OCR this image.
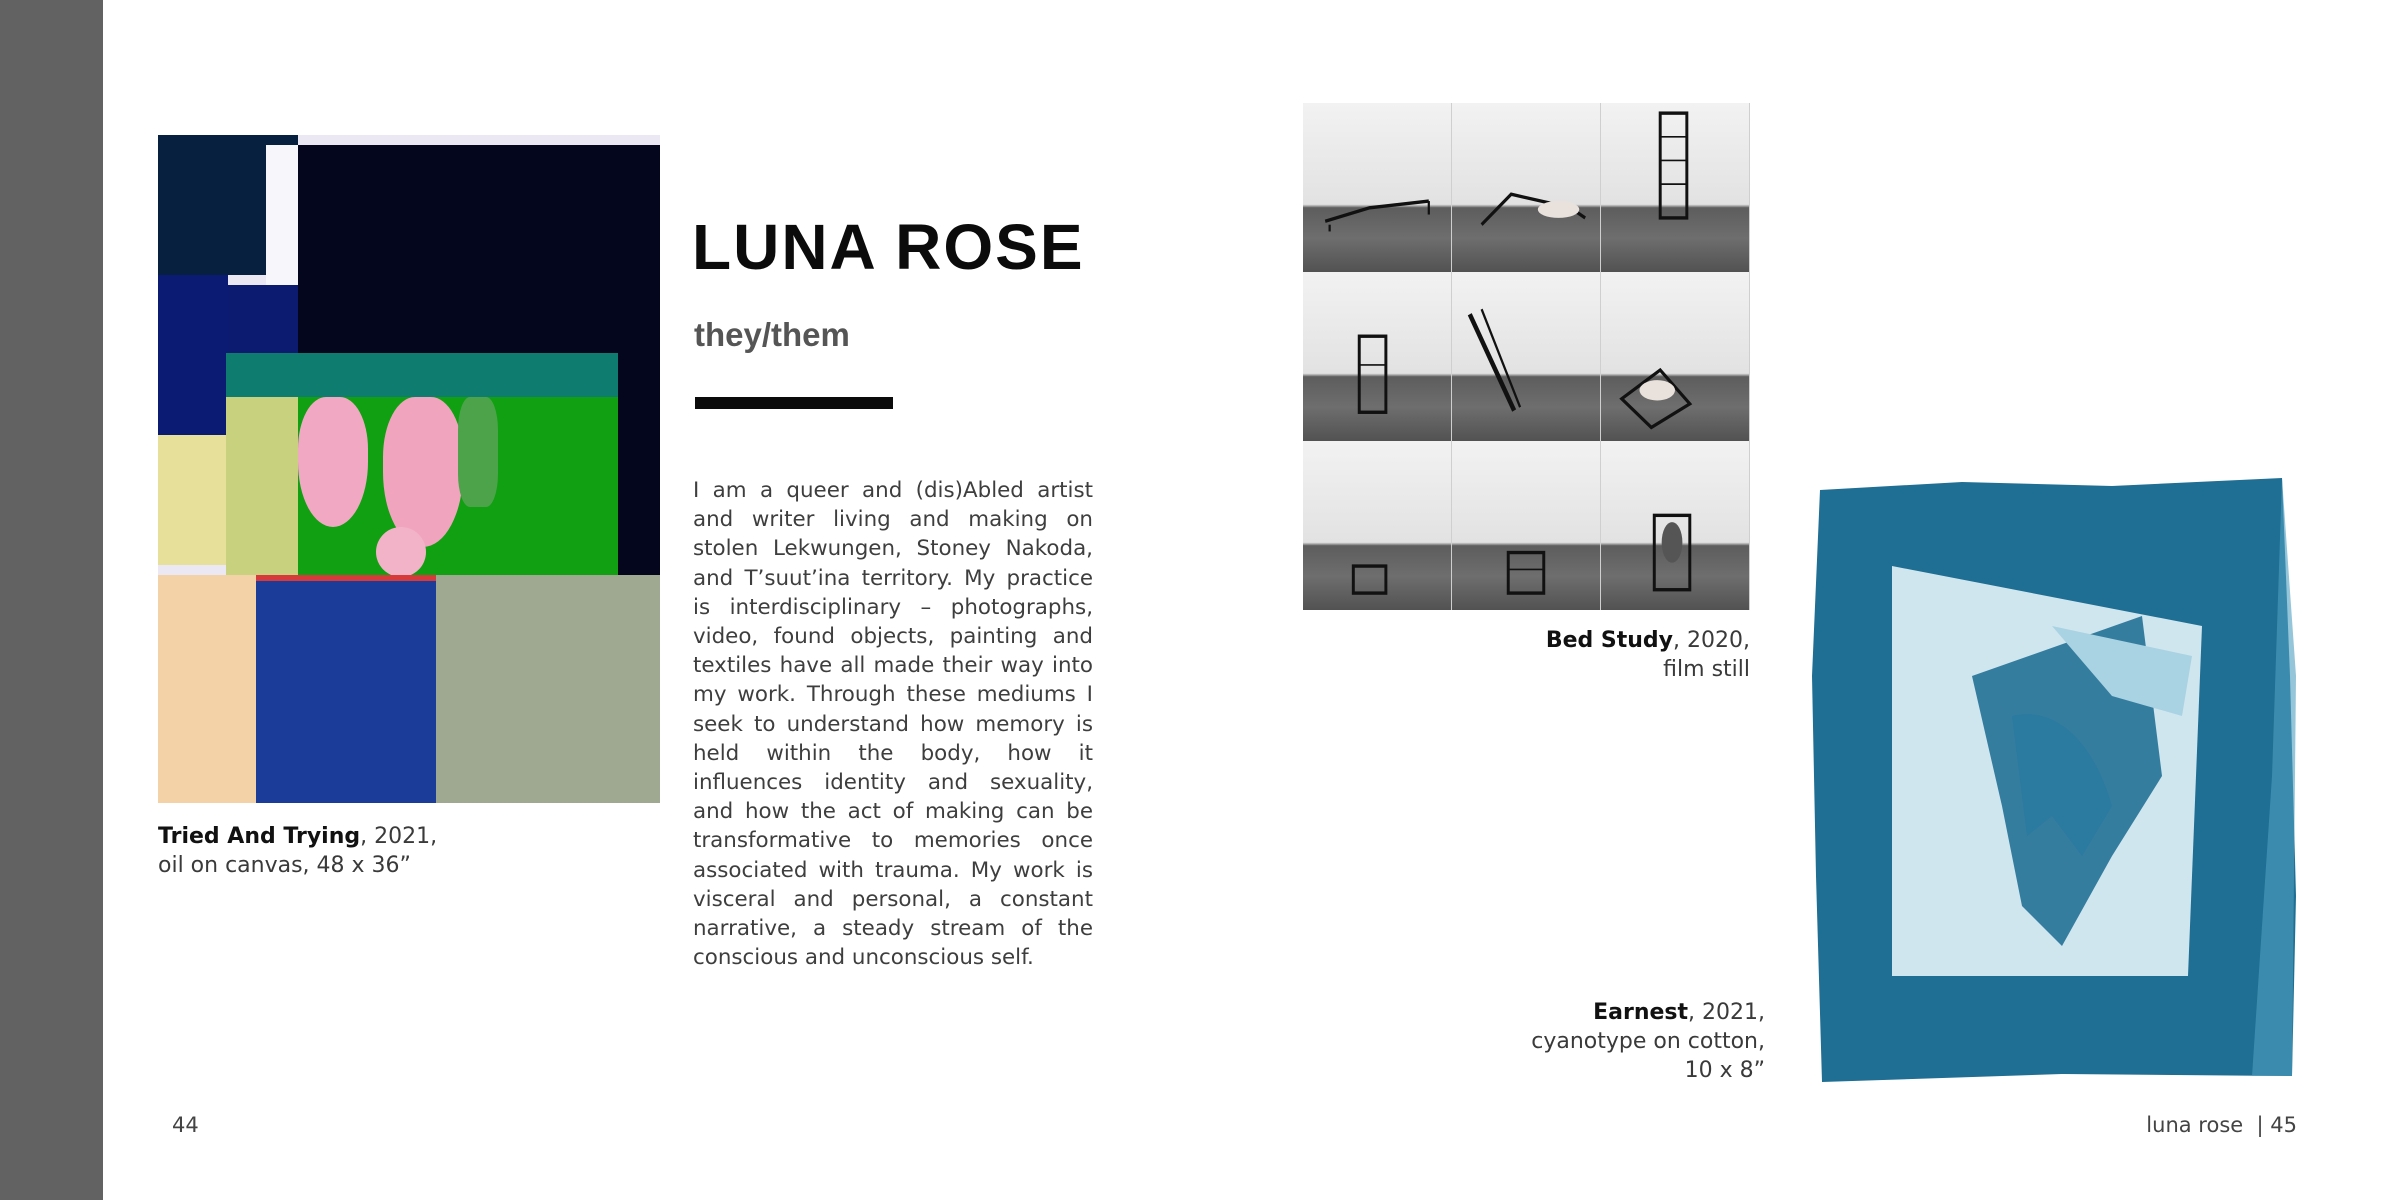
Tried And Trying, 2021,
oil on canvas, 48 x 36”
LUNA ROSE
they/them
I am a queer and (dis)Abled artist and writer living and making on stolen Lekwungen, Stoney Nakoda, and T’suut’ina territory. My practice is interdisciplinary – photographs, video, found objects, painting and textiles have all made their way into my work. Through these mediums I seek to understand how memory is held within the body, how it influences identity and sexuality, and how the act of making can be transformative to memories once associated with trauma. My work is visceral and personal, a constant narrative, a steady stream of the conscious and unconscious self.
Bed Study, 2020,
film still
Earnest, 2021,
cyanotype on cotton,
10 x 8”
44	luna rose  | 45
